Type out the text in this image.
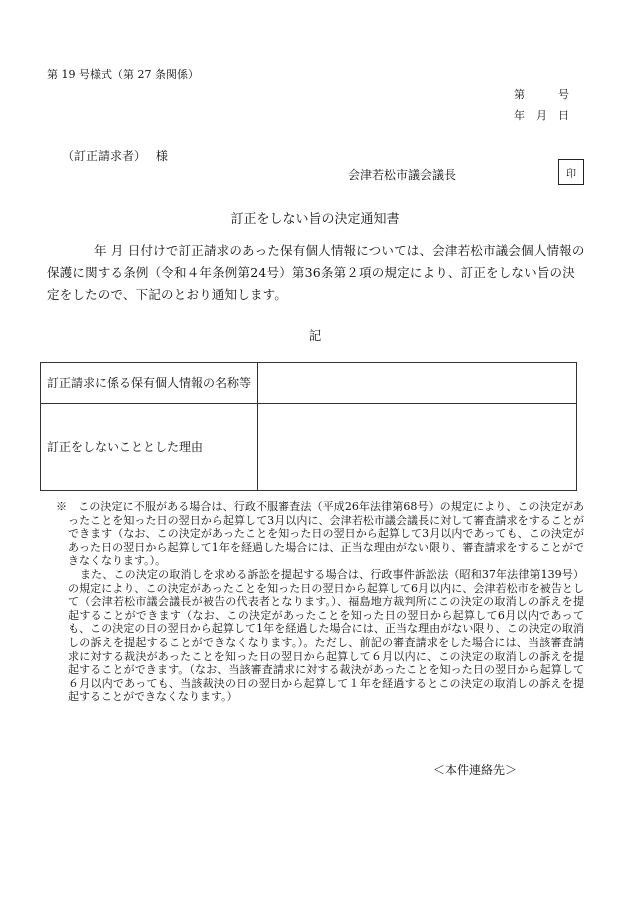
第 19 号様式（第 27 条関係）
第　　　号
年　月　日
（訂正請求者）　 様
会津若松市議会議長	印
訂正をしない旨の決定通知書
年 月 日付けで訂正請求のあった保有個人情報については、会津若松市議会個人情報の保護に関する条例（令和４年条例第24号）第36条第２項の規定により、訂正をしない旨の決定をしたので、下記のとおり通知します。
記
訂正請求に係る保有個人情報の名称等	
訂正をしないこととした理由	

※　この決定に不服がある場合は、行政不服審査法（平成26年法律第68号）の規定により、この決定があったことを知った日の翌日から起算して3月以内に、会津若松市議会議長に対して審査請求をすることができます（なお、この決定があったことを知った日の翌日から起算して3月以内であっても、この決定があった日の翌日から起算して1年を経過した場合には、正当な理由がない限り、審査請求をすることができなくなります。）。

また、この決定の取消しを求める訴訟を提起する場合は、行政事件訴訟法（昭和37年法律第139号）の規定により、この決定があったことを知った日の翌日から起算して6月以内に、会津若松市を被告として（会津若松市議会議長が被告の代表者となります。）、福島地方裁判所にこの決定の取消しの訴えを提起することができます（なお、この決定があったことを知った日の翌日から起算して6月以内であっても、この決定の日の翌日から起算して1年を経過した場合には、正当な理由がない限り、この決定の取消しの訴えを提起することができなくなります。）。ただし、前記の審査請求をした場合には、当該審査請求に対する裁決があったことを知った日の翌日から起算して６月以内に、この決定の取消しの訴えを提起することができます。（なお、当該審査請求に対する裁決があったことを知った日の翌日から起算して６月以内であっても、当該裁決の日の翌日から起算して１年を経過するとこの決定の取消しの訴えを提起することができなくなります。）

＜本件連絡先＞
